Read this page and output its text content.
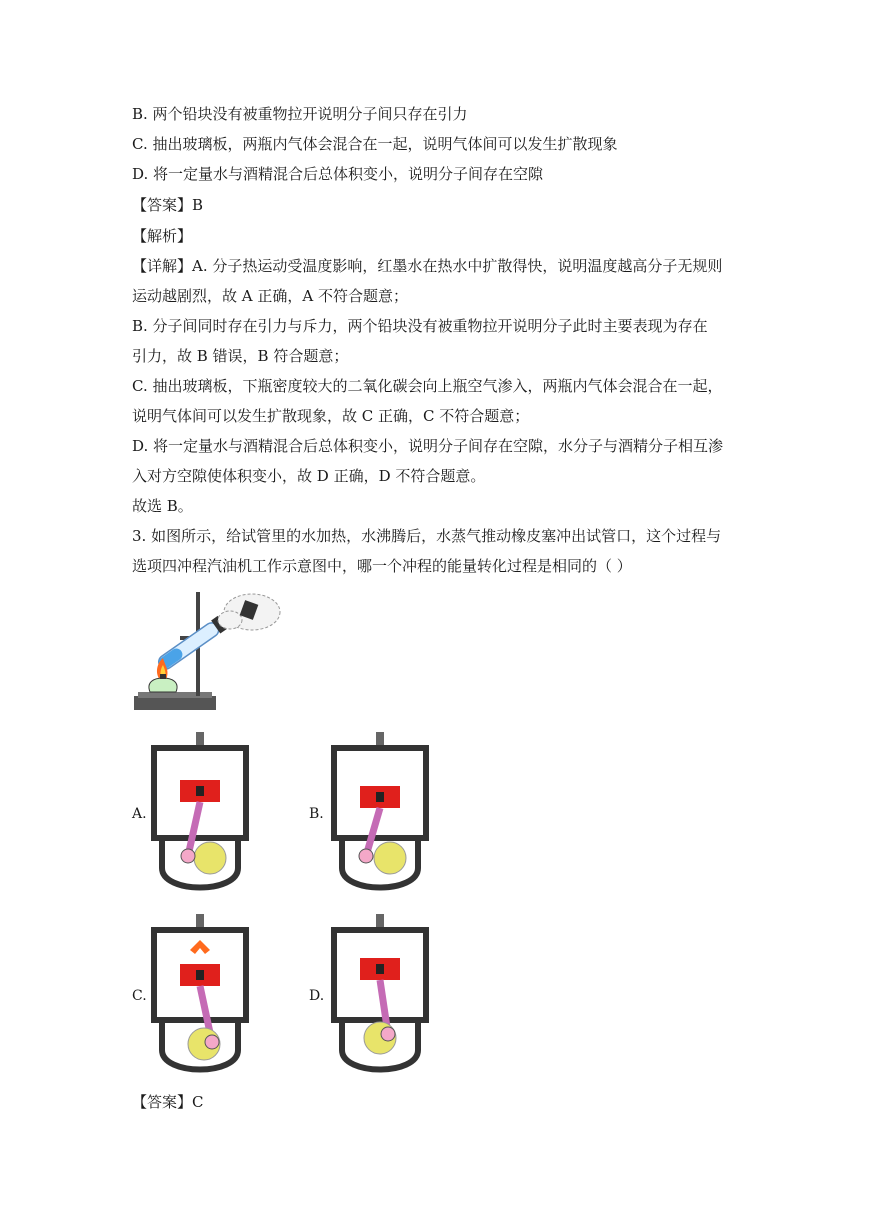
B. 两个铅块没有被重物拉开说明分子间只存在引力
C. 抽出玻璃板，两瓶内气体会混合在一起，说明气体间可以发生扩散现象
D. 将一定量水与酒精混合后总体积变小，说明分子间存在空隙
【答案】B
【解析】
【详解】A. 分子热运动受温度影响，红墨水在热水中扩散得快，说明温度越高分子无规则
运动越剧烈，故 A 正确，A 不符合题意；
B. 分子间同时存在引力与斥力，两个铅块没有被重物拉开说明分子此时主要表现为存在
引力，故 B 错误，B 符合题意；
C. 抽出玻璃板，下瓶密度较大的二氧化碳会向上瓶空气渗入，两瓶内气体会混合在一起，
说明气体间可以发生扩散现象，故 C 正确，C 不符合题意；
D. 将一定量水与酒精混合后总体积变小，说明分子间存在空隙，水分子与酒精分子相互渗
入对方空隙使体积变小，故 D 正确，D 不符合题意。
故选 B。
3. 如图所示，给试管里的水加热，水沸腾后，水蒸气推动橡皮塞冲出试管口，这个过程与
选项四冲程汽油机工作示意图中，哪一个冲程的能量转化过程是相同的（ ）
A.	B.
C.	D.
【答案】C
